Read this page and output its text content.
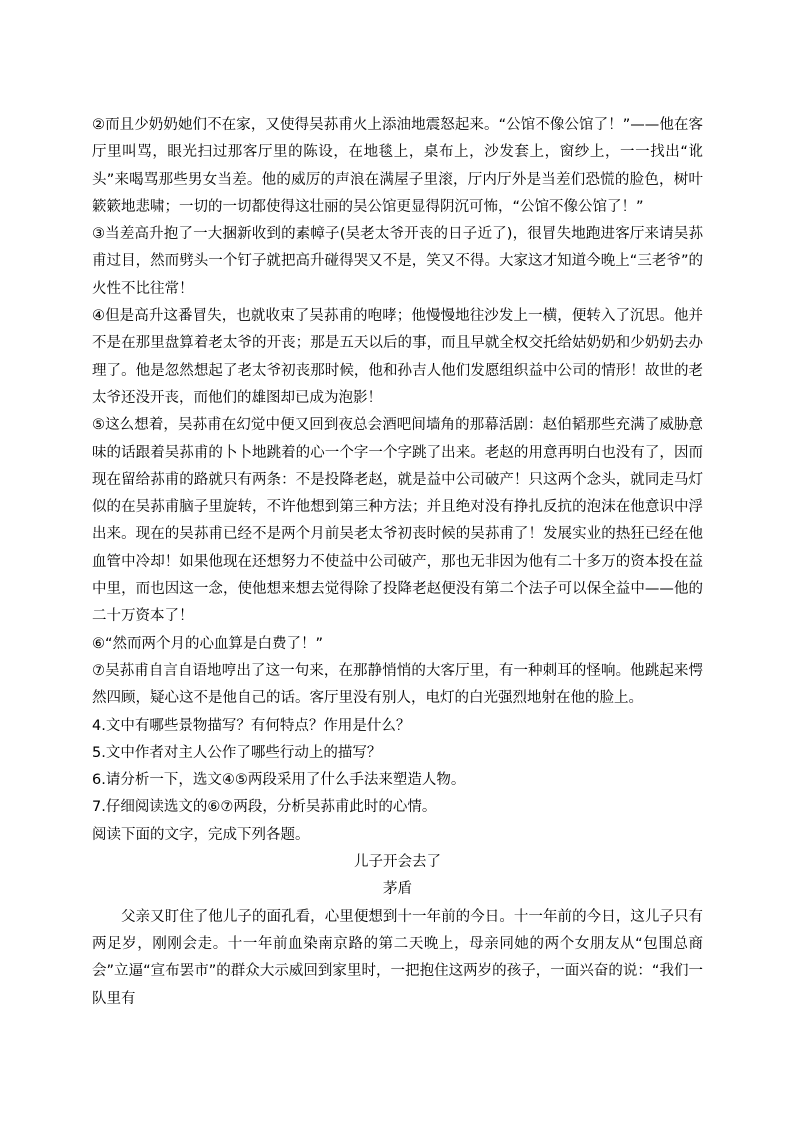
②而且少奶奶她们不在家，又使得吴荪甫火上添油地震怒起来。“公馆不像公馆了！”——他在客厅里叫骂，眼光扫过那客厅里的陈设，在地毯上，桌布上，沙发套上，窗纱上，一一找出“讹头”来喝骂那些男女当差。他的威厉的声浪在满屋子里滚，厅内厅外是当差们恐慌的脸色，树叶簌簌地悲啸；一切的一切都使得这壮丽的吴公馆更显得阴沉可怖，“公馆不像公馆了！”

③当差高升抱了一大捆新收到的素幛子(吴老太爷开丧的日子近了)，很冒失地跑进客厅来请吴荪甫过目，然而劈头一个钉子就把高升碰得哭又不是，笑又不得。大家这才知道今晚上“三老爷”的火性不比往常！

④但是高升这番冒失，也就收束了吴荪甫的咆哮；他慢慢地往沙发上一横，便转入了沉思。他并不是在那里盘算着老太爷的开丧；那是五天以后的事，而且早就全权交托给姑奶奶和少奶奶去办理了。他是忽然想起了老太爷初丧那时候，他和孙吉人他们发愿组织益中公司的情形！故世的老太爷还没开丧，而他们的雄图却已成为泡影！

⑤这么想着，吴荪甫在幻觉中便又回到夜总会酒吧间墙角的那幕活剧：赵伯韬那些充满了威胁意味的话跟着吴荪甫的卜卜地跳着的心一个字一个字跳了出来。老赵的用意再明白也没有了，因而现在留给荪甫的路就只有两条：不是投降老赵，就是益中公司破产！只这两个念头，就同走马灯似的在吴荪甫脑子里旋转，不许他想到第三种方法；并且绝对没有挣扎反抗的泡沫在他意识中浮出来。现在的吴荪甫已经不是两个月前吴老太爷初丧时候的吴荪甫了！发展实业的热狂已经在他血管中冷却！如果他现在还想努力不使益中公司破产，那也无非因为他有二十多万的资本投在益中里，而也因这一念，使他想来想去觉得除了投降老赵便没有第二个法子可以保全益中——他的二十万资本了！

⑥“然而两个月的心血算是白费了！”

⑦吴荪甫自言自语地哼出了这一句来，在那静悄悄的大客厅里，有一种刺耳的怪响。他跳起来愕然四顾，疑心这不是他自己的话。客厅里没有别人，电灯的白光强烈地射在他的脸上。

4.文中有哪些景物描写？有何特点？作用是什么？

5.文中作者对主人公作了哪些行动上的描写？

6.请分析一下，选文④⑤两段采用了什么手法来塑造人物。

7.仔细阅读选文的⑥⑦两段，分析吴荪甫此时的心情。

阅读下面的文字，完成下列各题。

儿子开会去了

茅盾

父亲又盯住了他儿子的面孔看，心里便想到十一年前的今日。十一年前的今日，这儿子只有两足岁，刚刚会走。十一年前血染南京路的第二天晚上，母亲同她的两个女朋友从“包围总商会”立逼“宣布罢市”的群众大示威回到家里时，一把抱住这两岁的孩子，一面兴奋的说：“我们一队里有
